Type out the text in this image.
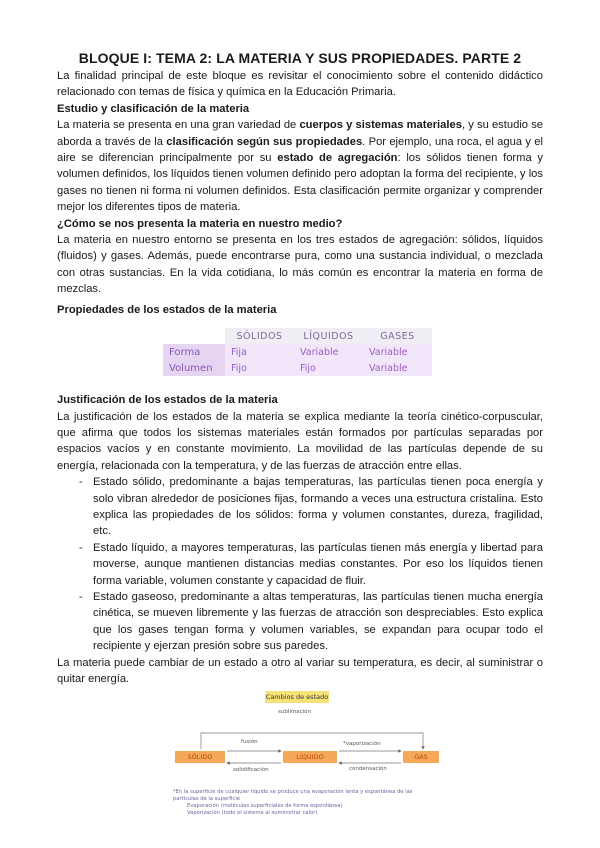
BLOQUE I: TEMA 2: LA MATERIA Y SUS PROPIEDADES. PARTE 2

La finalidad principal de este bloque es revisitar el conocimiento sobre el contenido didáctico relacionado con temas de física y química en la Educación Primaria.

Estudio y clasificación de la materia

La materia se presenta en una gran variedad de cuerpos y sistemas materiales, y su estudio se aborda a través de la clasificación según sus propiedades. Por ejemplo, una roca, el agua y el aire se diferencian principalmente por su estado de agregación: los sólidos tienen forma y volumen definidos, los líquidos tienen volumen definido pero adoptan la forma del recipiente, y los gases no tienen ni forma ni volumen definidos. Esta clasificación permite organizar y comprender mejor los diferentes tipos de materia.

¿Cómo se nos presenta la materia en nuestro medio?

La materia en nuestro entorno se presenta en los tres estados de agregación: sólidos, líquidos (fluidos) y gases. Además, puede encontrarse pura, como una sustancia individual, o mezclada con otras sustancias. En la vida cotidiana, lo más común es encontrar la materia en forma de mezclas.

Propiedades de los estados de la materia
	SÓLIDOS	LÍQUIDOS	GASES
Forma	Fija	Variable	Variable
Volumen	Fijo	Fijo	Variable
Justificación de los estados de la materia

La justificación de los estados de la materia se explica mediante la teoría cinético-corpuscular, que afirma que todos los sistemas materiales están formados por partículas separadas por espacios vacíos y en constante movimiento. La movilidad de las partículas depende de su energía, relacionada con la temperatura, y de las fuerzas de atracción entre ellas.

- Estado sólido, predominante a bajas temperaturas, las partículas tienen poca energía y solo vibran alrededor de posiciones fijas, formando a veces una estructura cristalina. Esto explica las propiedades de los sólidos: forma y volumen constantes, dureza, fragilidad, etc.
- Estado líquido, a mayores temperaturas, las partículas tienen más energía y libertad para moverse, aunque mantienen distancias medias constantes. Por eso los líquidos tienen forma variable, volumen constante y capacidad de fluir.
- Estado gaseoso, predominante a altas temperaturas, las partículas tienen mucha energía cinética, se mueven libremente y las fuerzas de atracción son despreciables. Esto explica que los gases tengan forma y volumen variables, se expandan para ocupar todo el recipiente y ejerzan presión sobre sus paredes.

La materia puede cambiar de un estado a otro al variar su temperatura, es decir, al suministrar o quitar energía.

Cambios de estado
sublimación
SÓLIDO	LÍQUIDO	GAS
fusión
solidificación
*vaporización
condensación
*En la superficie de cualquier líquido se produce una evaporación lenta y espontánea de las partículas de la superficie
Evaporación (moléculas superficiales de forma espontánea)
Vaporización (todo el sistema al suministrar calor)
